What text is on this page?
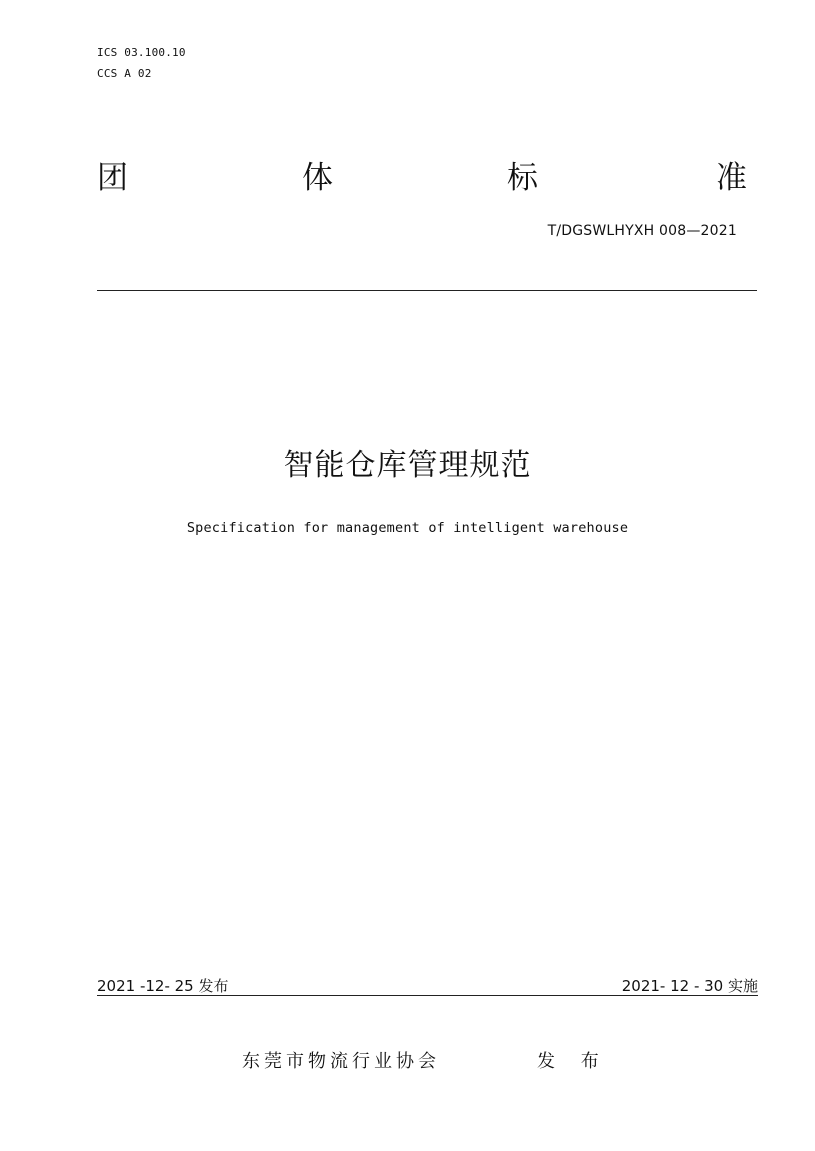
ICS 03.100.10
CCS A 02
团	体	标	准
T/DGSWLHYXH 008—2021
智能仓库管理规范
Specification for management of intelligent warehouse
2021 -12- 25 发布	2021- 12 - 30 实施
东莞市物流行业协会	发 布
